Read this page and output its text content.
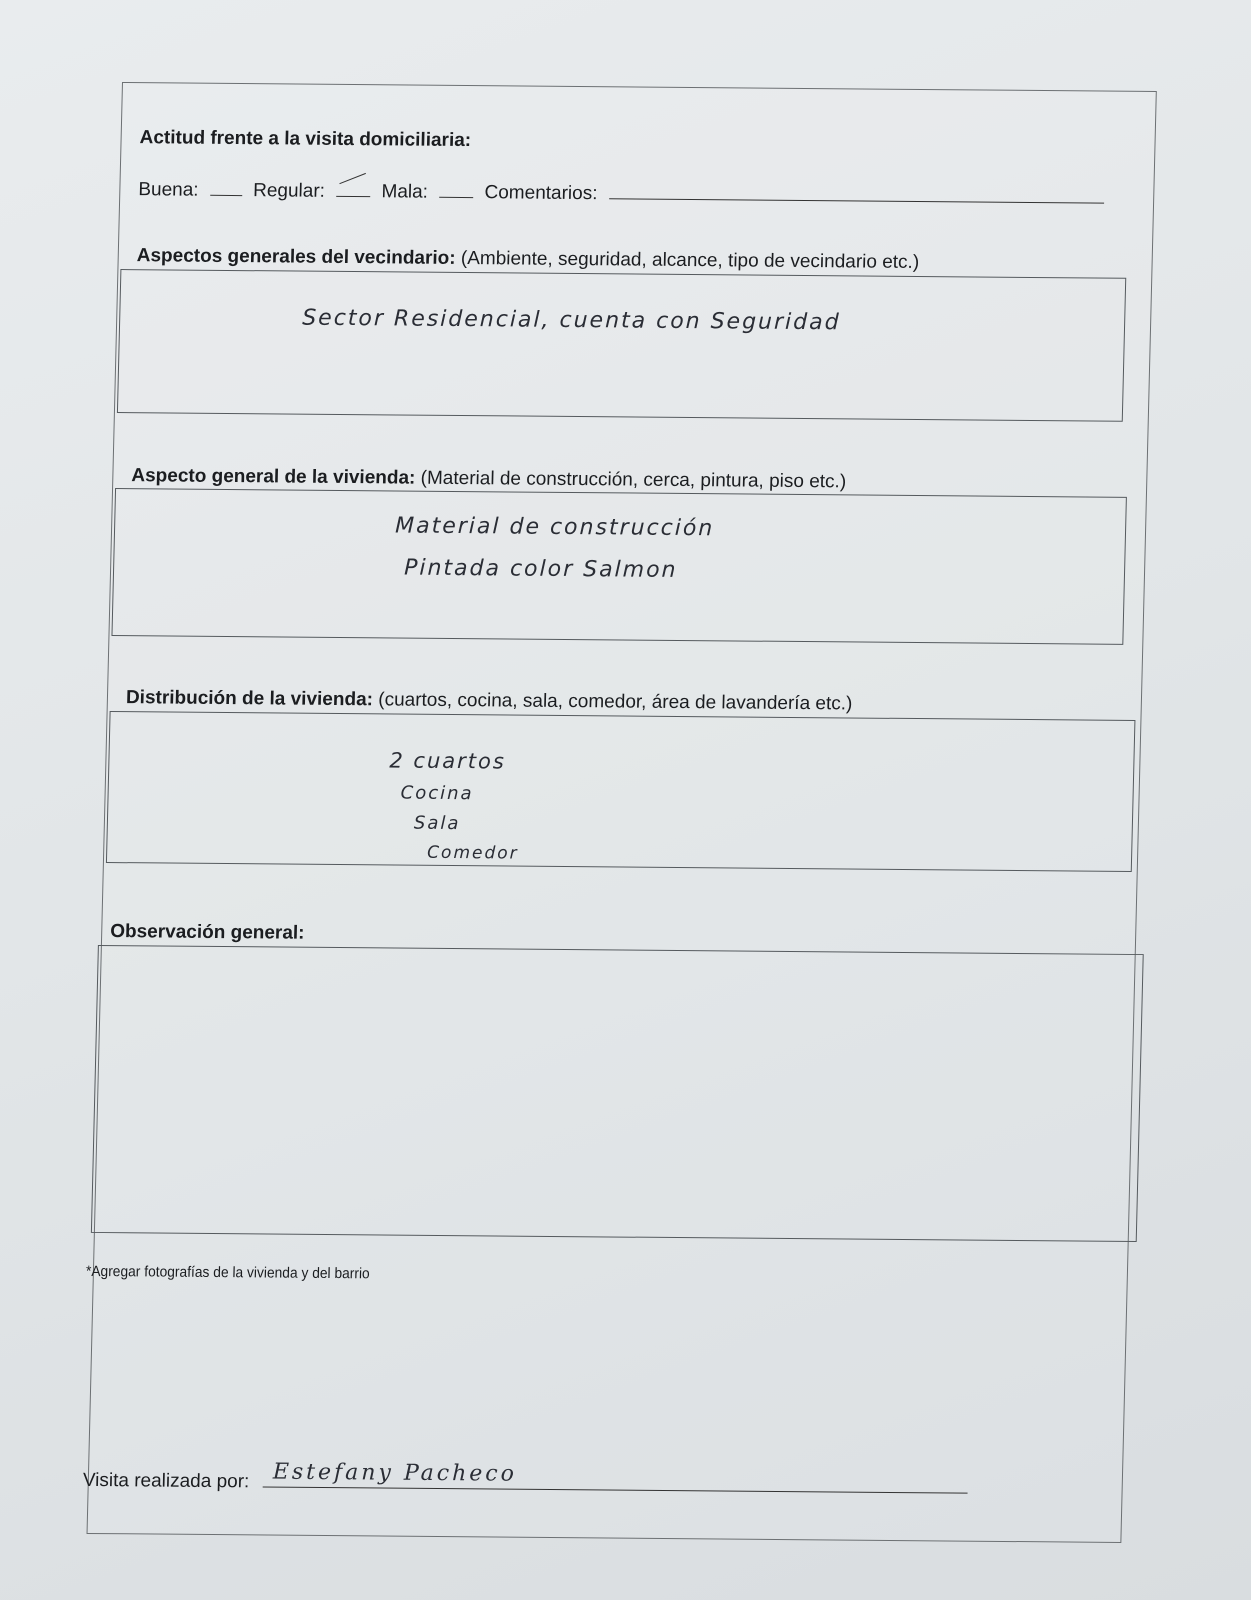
Actitud frente a la visita domiciliaria:
Buena:	Regular:	Mala:	Comentarios:
Aspectos generales del vecindario: (Ambiente, seguridad, alcance, tipo de vecindario etc.)
Sector Residencial, cuenta con Seguridad
Aspecto general de la vivienda: (Material de construcción, cerca, pintura, piso etc.)
Material de construcción
Pintada color Salmon
Distribución de la vivienda: (cuartos, cocina, sala, comedor, área de lavandería etc.)
2 cuartos
Cocina
Sala
Comedor
Observación general:
*Agregar fotografías de la vivienda y del barrio
Visita realizada por: Estefany Pacheco
